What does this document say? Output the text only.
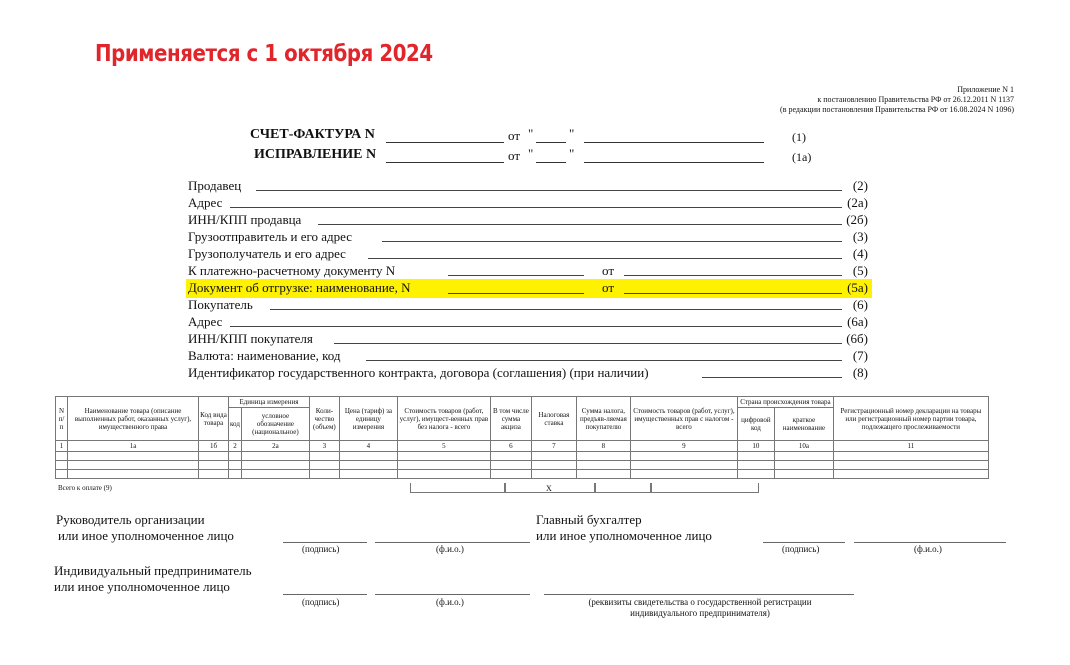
Применяется с 1 октября 2024
Приложение N 1
к постановлению Правительства РФ от 26.12.2011 N 1137
(в редакции постановления Правительства РФ от 16.08.2024 N 1096)
СЧЕТ-ФАКТУРА N	от "	"	(1)
ИСПРАВЛЕНИЕ N	от "	"	(1а)
Продавец	(2)
Адрес	(2а)
ИНН/КПП продавца	(2б)
Грузоотправитель и его адрес	(3)
Грузополучатель и его адрес	(4)
К платежно-расчетному документу N	от	(5)
Документ об отгрузке: наименование, N	от	(5а)
Покупатель	(6)
Адрес	(6а)
ИНН/КПП покупателя	(6б)
Валюта: наименование, код	(7)
Идентификатор государственного контракта, договора (соглашения) (при наличии)	(8)
N п/п	Наименование товара (описание выполненных работ, оказанных услуг), имущественного права	Код вида товара	Единица измерения		Коли-чество (объем)	Цена (тариф) за единицу измерения	Стоимость товаров (работ, услуг), имущест-венных прав без налога - всего	В том числе сумма акциза	Налоговая ставка	Сумма налога, предъяв-ляемая покупателю	Стоимость товаров (работ, услуг), имущественных прав с налогом - всего	Страна происхождения товара		Регистрационный номер декларации на товары или регистрационный номер партии товара, подлежащего прослеживаемости
			код	условное обозначение (национальное)								цифровой код	краткое наименование	
1	1а	1б	2	2а	3	4	5	6	7	8	9	10	10а	11

Всего к оплате (9)	X
Руководитель организации
или иное уполномоченное лицо
(подпись)	(ф.и.о.)
Главный бухгалтер
или иное уполномоченное лицо
(подпись)	(ф.и.о.)
Индивидуальный предприниматель
или иное уполномоченное лицо
(подпись)	(ф.и.о.)	(реквизиты свидетельства о государственной регистрации
индивидуального предпринимателя)
